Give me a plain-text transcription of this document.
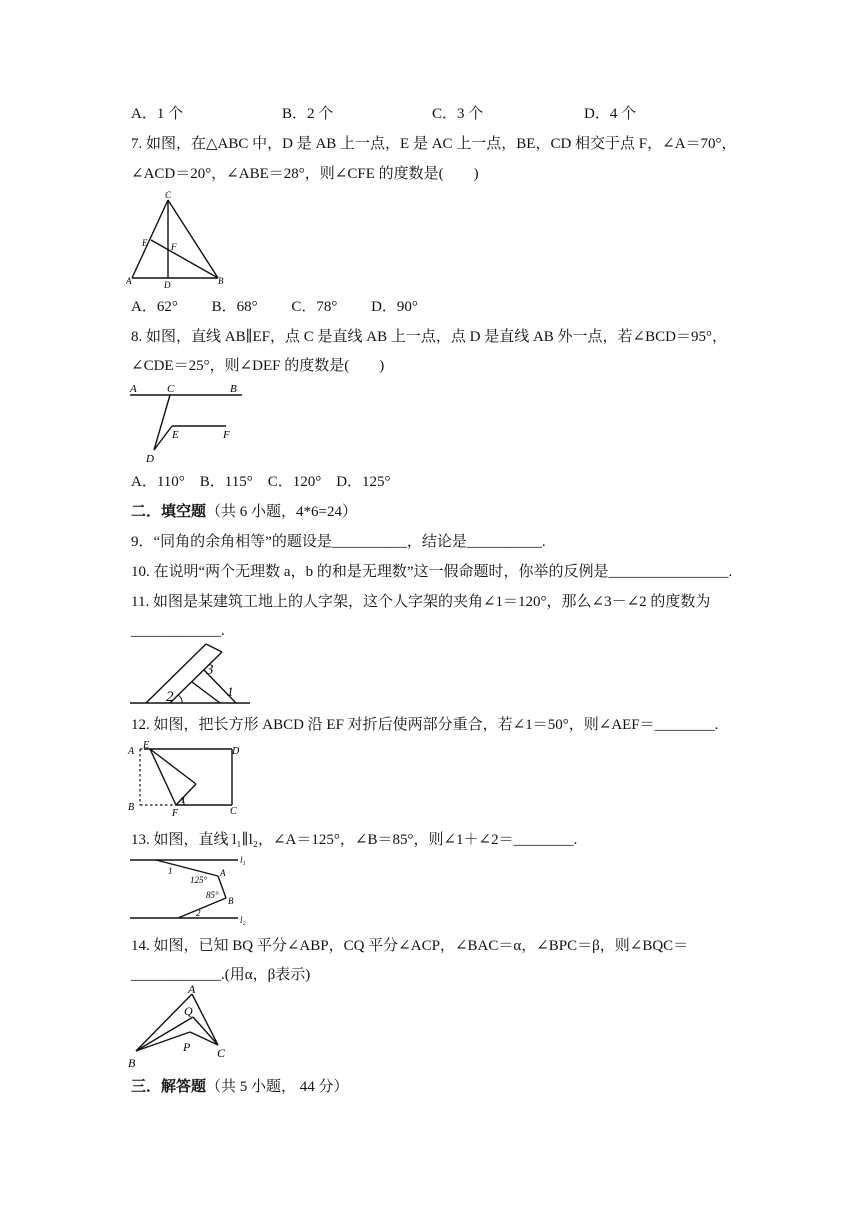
A．1 个	B．2 个	C．3 个	D．4 个
7. 如图，在△ABC 中，D 是 AB 上一点，E 是 AC 上一点，BE，CD 相交于点 F，∠A＝70°，
∠ACD＝20°，∠ABE＝28°，则∠CFE 的度数是(　　)
C
E	F
A	D	B
A．62°　　 B．68°　　 C．78°　　 D．90°
8. 如图，直线 AB∥EF，点 C 是直线 AB 上一点，点 D 是直线 AB 外一点，若∠BCD＝95°，
∠CDE＝25°，则∠DEF 的度数是(　　)
A	C	B
E	F
D
A．110°　B．115°　C．120°　D．125°
二．填空题（共 6 小题，4*6=24）
9．“同角的余角相等”的题设是__________，结论是__________.
10. 在说明“两个无理数 a，b 的和是无理数”这一假命题时，你举的反例是________________.
11. 如图是某建筑工地上的人字架，这个人字架的夹角∠1＝120°，那么∠3－∠2 的度数为
____________.
2
3
1
12. 如图，把长方形 ABCD 沿 EF 对折后使两部分重合，若∠1＝50°，则∠AEF＝________.
A
E
D
B
F	C
1
13. 如图，直线 l₁∥l₂，∠A＝125°，∠B＝85°，则∠1＋∠2＝________.
l₁
1
125°
A
85°
B
2
l₂
14. 如图，已知 BQ 平分∠ABP，CQ 平分∠ACP，∠BAC＝α，∠BPC＝β，则∠BQC＝
____________.(用α，β表示)
A
Q
P
B
C
三．解答题（共 5 小题， 44 分）
